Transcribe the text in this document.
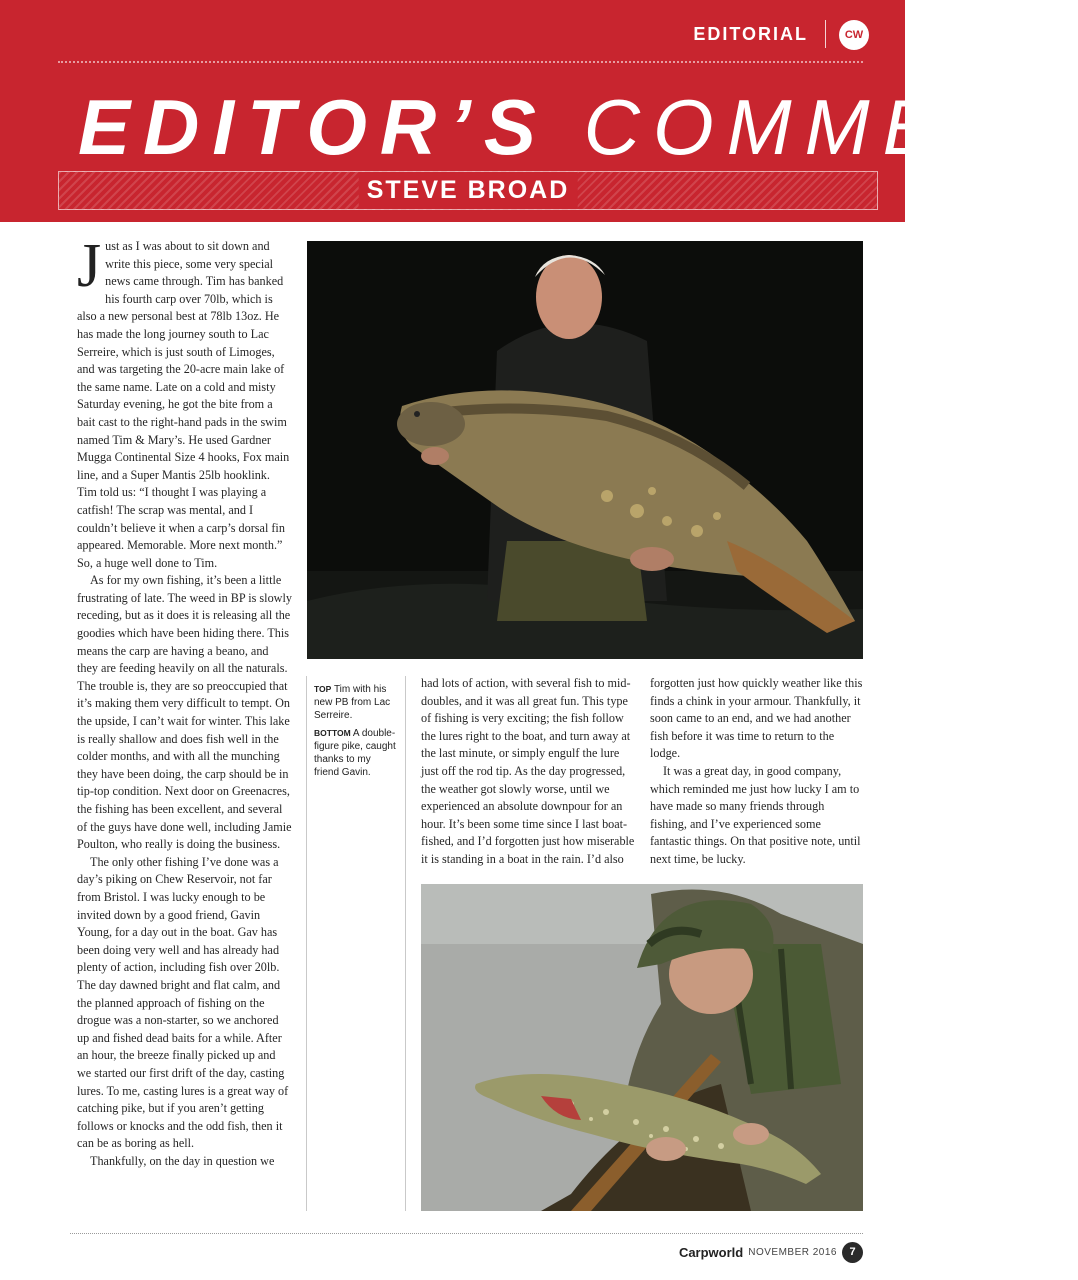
EDITORIAL	CW
EDITOR’S COMMENT
STEVE BROAD

Just as I was about to sit down and write this piece, some very special news came through. Tim has banked his fourth carp over 70lb, which is also a new personal best at 78lb 13oz. He has made the long journey south to Lac Serreire, which is just south of Limoges, and was targeting the 20-acre main lake of the same name. Late on a cold and misty Saturday evening, he got the bite from a bait cast to the right-hand pads in the swim named Tim & Mary’s. He used Gardner Mugga Continental Size 4 hooks, Fox main line, and a Super Mantis 25lb hooklink. Tim told us: “I thought I was playing a catfish! The scrap was mental, and I couldn’t believe it when a carp’s dorsal fin appeared. Memorable. More next month.” So, a huge well done to Tim.

As for my own fishing, it’s been a little frustrating of late. The weed in BP is slowly receding, but as it does it is releasing all the goodies which have been hiding there. This means the carp are having a beano, and they are feeding heavily on all the naturals. The trouble is, they are so preoccupied that it’s making them very difficult to tempt. On the upside, I can’t wait for winter. This lake is really shallow and does fish well in the colder months, and with all the munching they have been doing, the carp should be in tip-top condition. Next door on Greenacres, the fishing has been excellent, and several of the guys have done well, including Jamie Poulton, who really is doing the business.

The only other fishing I’ve done was a day’s piking on Chew Reservoir, not far from Bristol. I was lucky enough to be invited down by a good friend, Gavin Young, for a day out in the boat. Gav has been doing very well and has already had plenty of action, including fish over 20lb. The day dawned bright and flat calm, and the planned approach of fishing on the drogue was a non-starter, so we anchored up and fished dead baits for a while. After an hour, the breeze finally picked up and we started our first drift of the day, casting lures. To me, casting lures is a great way of catching pike, but if you aren’t getting follows or knocks and the odd fish, then it can be as boring as hell.

Thankfully, on the day in question we

TOP Tim with his new PB from Lac Serreire.

BOTTOM A double-figure pike, caught thanks to my friend Gavin.

had lots of action, with several fish to mid-doubles, and it was all great fun. This type of fishing is very exciting; the fish follow the lures right to the boat, and turn away at the last minute, or simply engulf the lure just off the rod tip. As the day progressed, the weather got slowly worse, until we experienced an absolute downpour for an hour. It’s been some time since I last boat-fished, and I’d forgotten just how miserable it is standing in a boat in the rain. I’d also

forgotten just how quickly weather like this finds a chink in your armour. Thankfully, it soon came to an end, and we had another fish before it was time to return to the lodge.

It was a great day, in good company, which reminded me just how lucky I am to have made so many friends through fishing, and I’ve experienced some fantastic things. On that positive note, until next time, be lucky.

Carpworld NOVEMBER 2016	7
